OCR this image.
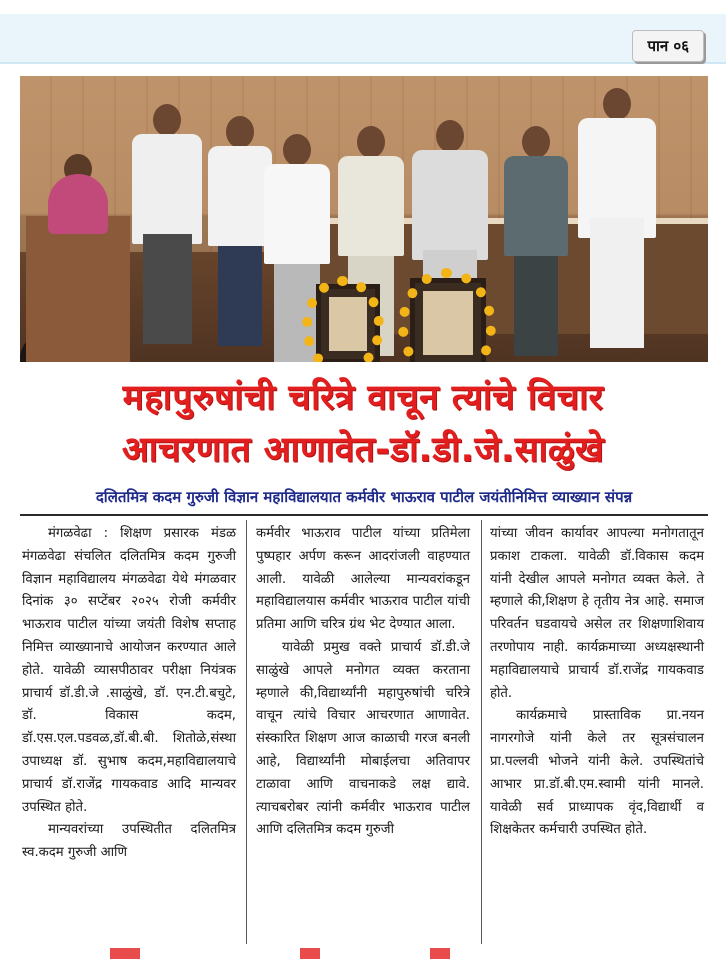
पान ०६
महापुरुषांची चरित्रे वाचून त्यांचे विचार
आचरणात आणावेत-डॉ.डी.जे.साळुंखे
दलितमित्र कदम गुरुजी विज्ञान महाविद्यालयात कर्मवीर भाऊराव पाटील जयंतीनिमित्त व्याख्यान संपन्न

मंगळवेढा : शिक्षण प्रसारक मंडळ मंगळवेढा संचलित दलितमित्र कदम गुरुजी विज्ञान महाविद्यालय मंगळवेढा येथे मंगळवार दिनांक ३० सप्टेंबर २०२५ रोजी कर्मवीर भाऊराव पाटील यांच्या जयंती विशेष सप्ताह निमित्त व्याख्यानाचे आयोजन करण्यात आले होते. यावेळी व्यासपीठावर परीक्षा नियंत्रक प्राचार्य डॉ.डी.जे .साळुंखे, डॉ. एन.टी.बचुटे, डॉ. विकास कदम, डॉ.एस.एल.पडवळ,डॉ.बी.बी. शितोळे,संस्था उपाध्यक्ष डॉ. सुभाष कदम,महाविद्यालयाचे प्राचार्य डॉ.राजेंद्र गायकवाड आदि मान्यवर उपस्थित होते.

मान्यवरांच्या उपस्थितीत दलितमित्र स्व.कदम गुरुजी आणि

कर्मवीर भाऊराव पाटील यांच्या प्रतिमेला पुष्पहार अर्पण करून आदरांजली वाहण्यात आली. यावेळी आलेल्या मान्यवरांकडून महाविद्यालयास कर्मवीर भाऊराव पाटील यांची प्रतिमा आणि चरित्र ग्रंथ भेट देण्यात आला.

यावेळी प्रमुख वक्ते प्राचार्य डॉ.डी.जे साळुंखे आपले मनोगत व्यक्त करताना म्हणाले की,विद्यार्थ्यांनी महापुरुषांची चरित्रे वाचून त्यांचे विचार आचरणात आणावेत. संस्कारित शिक्षण आज काळाची गरज बनली आहे, विद्यार्थ्यांनी मोबाईलचा अतिवापर टाळावा आणि वाचनाकडे लक्ष द्यावे. त्याचबरोबर त्यांनी कर्मवीर भाऊराव पाटील आणि दलितमित्र कदम गुरुजी

यांच्या जीवन कार्यावर आपल्या मनोगतातून प्रकाश टाकला. यावेळी डॉ.विकास कदम यांनी देखील आपले मनोगत व्यक्त केले. ते म्हणाले की,शिक्षण हे तृतीय नेत्र आहे. समाज परिवर्तन घडवायचे असेल तर शिक्षणाशिवाय तरणोपाय नाही. कार्यक्रमाच्या अध्यक्षस्थानी महाविद्यालयाचे प्राचार्य डॉ.राजेंद्र गायकवाड होते.

कार्यक्रमाचे प्रास्ताविक प्रा.नयन नागरगोजे यांनी केले तर सूत्रसंचालन प्रा.पल्लवी भोजने यांनी केले. उपस्थितांचे आभार प्रा.डॉ.बी.एम.स्वामी यांनी मानले. यावेळी सर्व प्राध्यापक वृंद,विद्यार्थी व शिक्षकेतर कर्मचारी उपस्थित होते.
